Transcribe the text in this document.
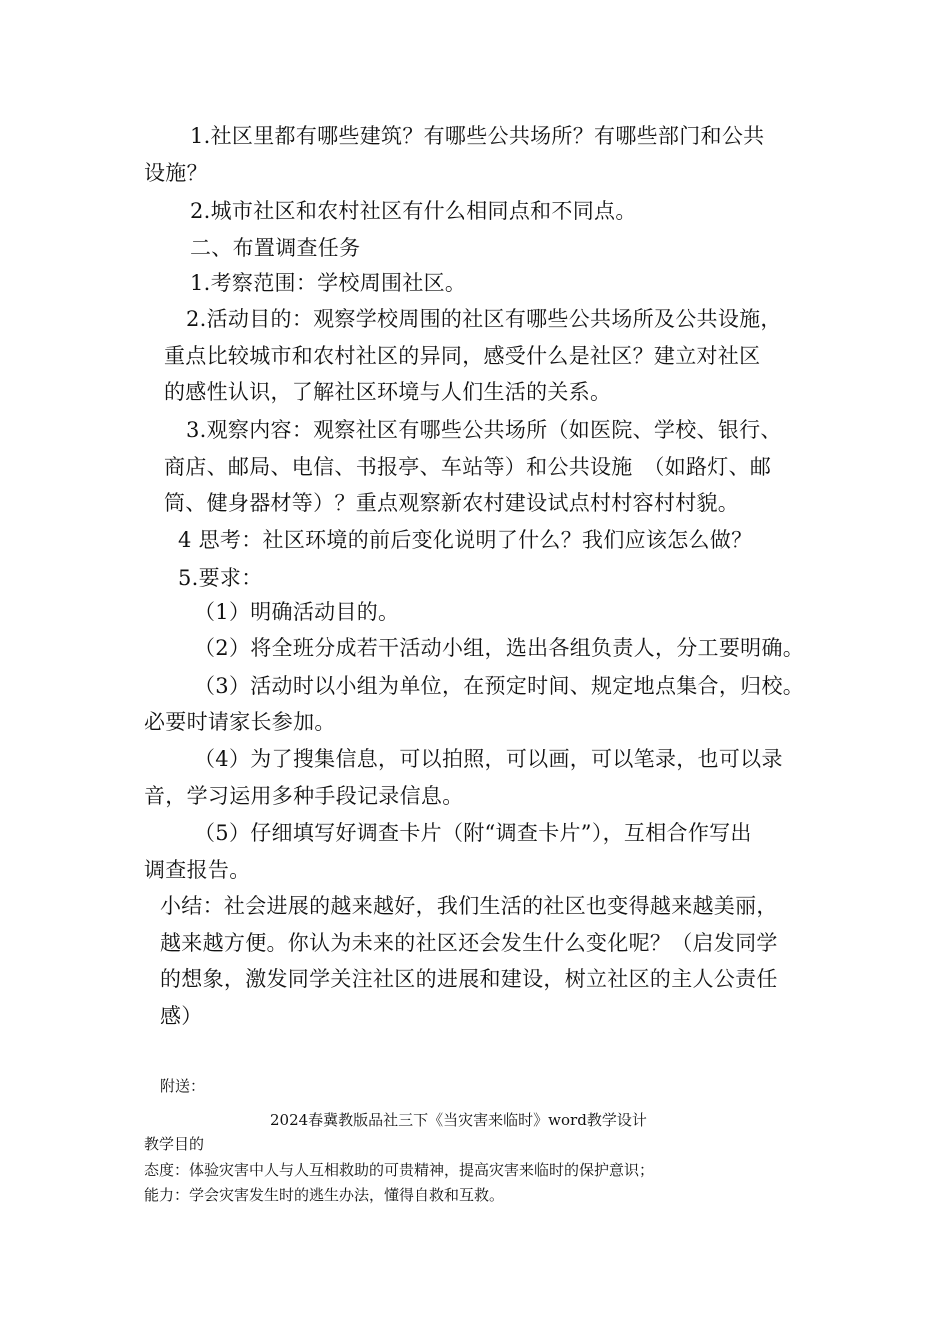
1.社区里都有哪些建筑？有哪些公共场所？有哪些部门和公共
设施？
2.城市社区和农村社区有什么相同点和不同点。
二、布置调查任务
1.考察范围：学校周围社区。
2.活动目的：观察学校周围的社区有哪些公共场所及公共设施，
重点比较城市和农村社区的异同，感受什么是社区？建立对社区
的感性认识，了解社区环境与人们生活的关系。
3.观察内容：观察社区有哪些公共场所（如医院、学校、银行、
商店、邮局、电信、书报亭、车站等）和公共设施　（如路灯、邮
筒、健身器材等）？重点观察新农村建设试点村村容村村貌。
4 思考：社区环境的前后变化说明了什么？我们应该怎么做？
5.要求：
（1）明确活动目的。
（2）将全班分成若干活动小组，选出各组负责人，分工要明确。
（3）活动时以小组为单位，在预定时间、规定地点集合，归校。
必要时请家长参加。
（4）为了搜集信息，可以拍照，可以画，可以笔录，也可以录
音，学习运用多种手段记录信息。
（5）仔细填写好调查卡片（附“调查卡片”），互相合作写出
调查报告。
小结：社会进展的越来越好，我们生活的社区也变得越来越美丽，
越来越方便。你认为未来的社区还会发生什么变化呢？（启发同学
的想象，激发同学关注社区的进展和建设，树立社区的主人公责任
感）
附送：
2024春冀教版品社三下《当灾害来临时》word教学设计
教学目的
态度：体验灾害中人与人互相救助的可贵精神，提高灾害来临时的保护意识；
能力：学会灾害发生时的逃生办法，懂得自救和互救。
